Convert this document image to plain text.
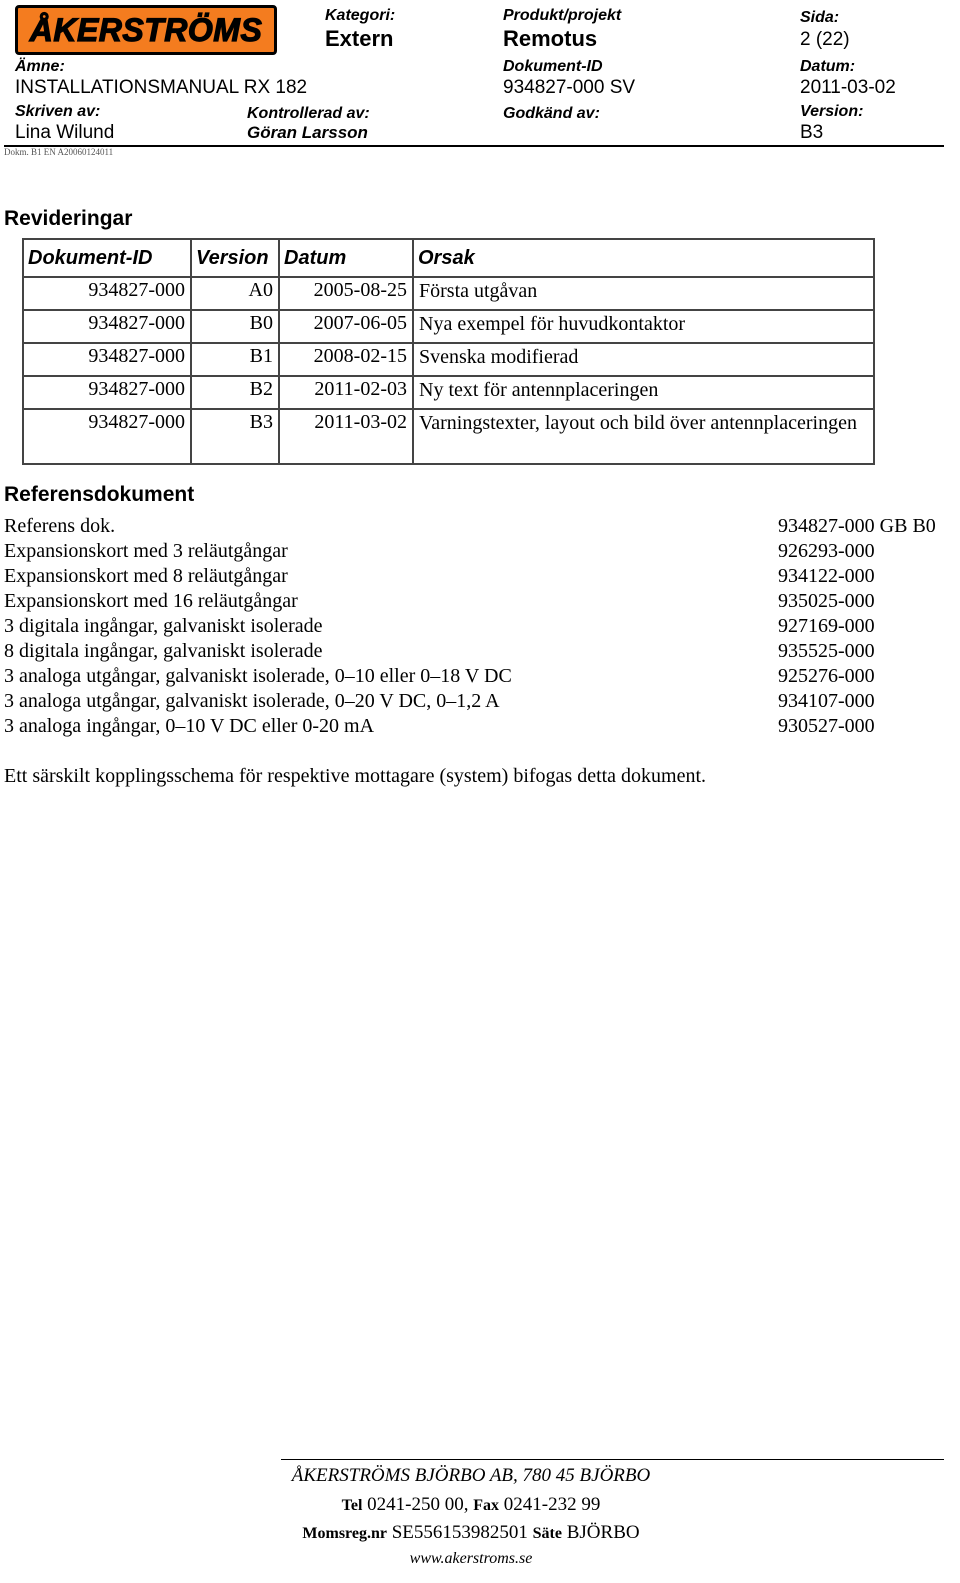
ÅKERSTRÖMS	Kategori:
Extern
Produkt/projekt
Remotus
Sida:
2 (22)
Ämne:
INSTALLATIONSMANUAL RX 182
Dokument-ID
934827-000 SV
Datum:
2011-03-02
Skriven av:
Lina Wilund
Kontrollerad av:
Göran Larsson
Godkänd av:	Version:
B3
Dokm. B1 EN A20060124011
Revideringar
Dokument-ID	Version	Datum	Orsak
934827-000	A0	2005-08-25	Första utgåvan
934827-000	B0	2007-06-05	Nya exempel för huvudkontaktor
934827-000	B1	2008-02-15	Svenska modifierad
934827-000	B2	2011-02-03	Ny text för antennplaceringen
934827-000	B3	2011-03-02	Varningstexter, layout och bild över antennplaceringen
Referensdokument
Referens dok.	934827-000 GB B0
Expansionskort med 3 reläutgångar	926293-000
Expansionskort med 8 reläutgångar	934122-000
Expansionskort med 16 reläutgångar	935025-000
3 digitala ingångar, galvaniskt isolerade	927169-000
8 digitala ingångar, galvaniskt isolerade	935525-000
3 analoga utgångar, galvaniskt isolerade, 0–10 eller 0–18 V DC	925276-000
3 analoga utgångar, galvaniskt isolerade, 0–20 V DC, 0–1,2 A	934107-000
3 analoga ingångar, 0–10 V DC eller 0-20 mA	930527-000
Ett särskilt kopplingsschema för respektive mottagare (system) bifogas detta dokument.
ÅKERSTRÖMS BJÖRBO AB, 780 45 BJÖRBO
Tel 0241-250 00, Fax 0241-232 99
Momsreg.nr SE556153982501 Säte BJÖRBO
www.akerstroms.se
